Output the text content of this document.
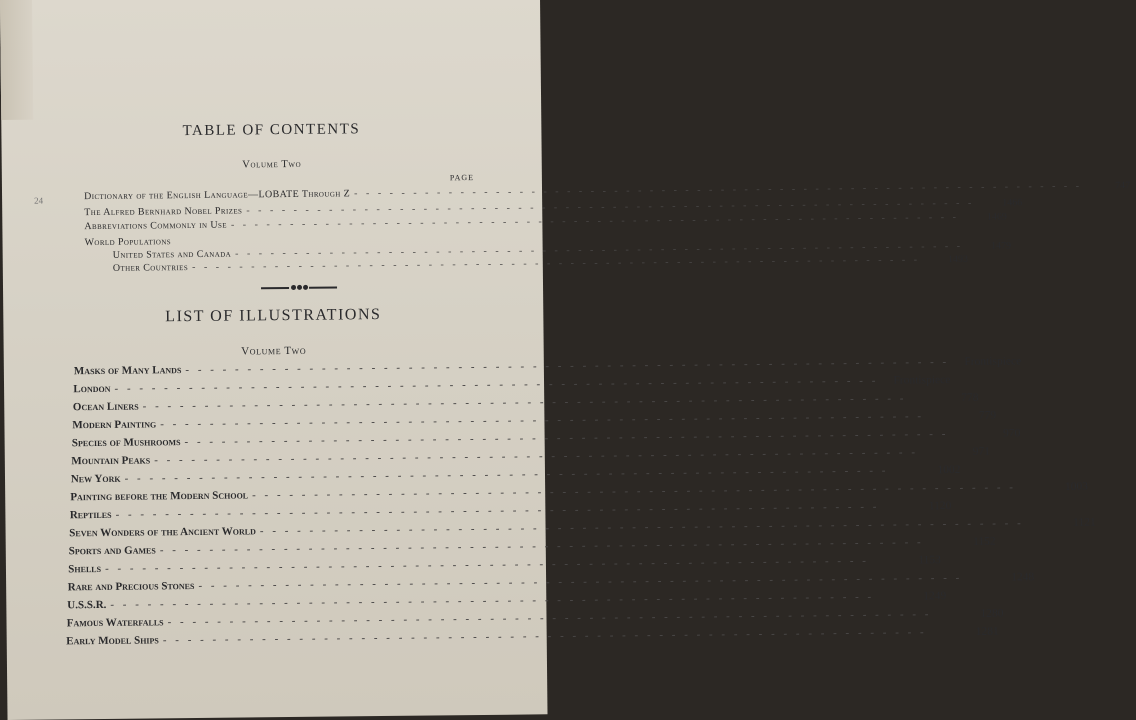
24
TABLE OF CONTENTS
Volume Two
PAGE
Dictionary of the English Language—LOBATE Through Z
- - -
747
The Alfred Bernhard Nobel Prizes
- - -
1466
Abbreviations Commonly in Use
- - -
1469
World Populations
United States and Canada
- - -
1479
Other Countries
- - -
1493
LIST OF ILLUSTRATIONS
Volume Two
Masks of Many Lands
- - -
Frontispiece
London
- - -
Frontispiece
Ocean Liners
- - -
778
Modern Painting
- - -
779
Species of Mushrooms
- - -
970
Mountain Peaks
- - -
971
New York
- - -
1002
Painting before the Modern School
- - -
1003
Reptiles
- - -
1120
Seven Wonders of the Ancient World
- - -
1121
Sports and Games
- - -
1152
Shells
- - -
1153
Rare and Precious Stones
- - -
1248
U.S.S.R.
- - -
1249
Famous Waterfalls
- - -
1280
Early Model Ships
- - -
1281
